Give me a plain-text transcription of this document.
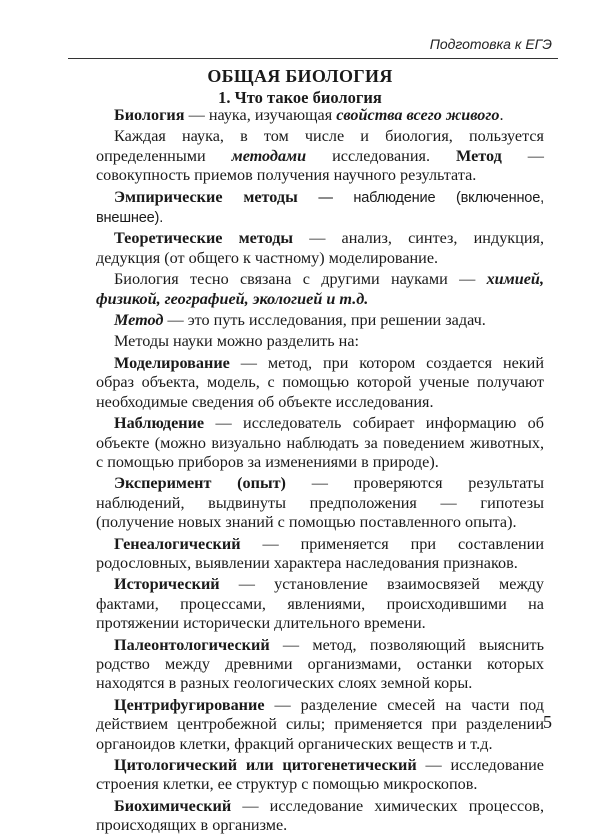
Подготовка к ЕГЭ
ОБЩАЯ БИОЛОГИЯ
1. Что такое биология

Биология — наука, изучающая свойства всего живого.

Каждая наука, в том числе и биология, пользуется определенными методами исследования. Метод — совокупность приемов получения научного результата.

Эмпирические методы — наблюдение (включенное, внешнее).

Теоретические методы — анализ, синтез, индукция, дедукция (от общего к частному) моделирование.

Биология тесно связана с другими науками — химией, физикой, географией, экологией и т.д.

Метод — это путь исследования, при решении задач.

Методы науки можно разделить на:

Моделирование — метод, при котором создается некий образ объекта, модель, с помощью которой ученые получают необходимые сведения об объекте исследования.

Наблюдение — исследователь собирает информацию об объекте (можно визуально наблюдать за поведением животных, с помощью приборов за изменениями в природе).

Эксперимент (опыт) — проверяются результаты наблюдений, выдвинуты предположения — гипотезы (получение новых знаний с помощью поставленного опыта).

Генеалогический — применяется при составлении родословных, выявлении характера наследования признаков.

Исторический — установление взаимосвязей между фактами, процессами, явлениями, происходившими на протяжении исторически длительного времени.

Палеонтологический — метод, позволяющий выяснить родство между древними организмами, останки которых находятся в разных геологических слоях земной коры.

Центрифугирование — разделение смесей на части под действием центробежной силы; применяется при разделении органоидов клетки, фракций органических веществ и т.д.

Цитологический или цитогенетический — исследование строения клетки, ее структур с помощью микроскопов.

Биохимический — исследование химических процессов, происходящих в организме.

5
